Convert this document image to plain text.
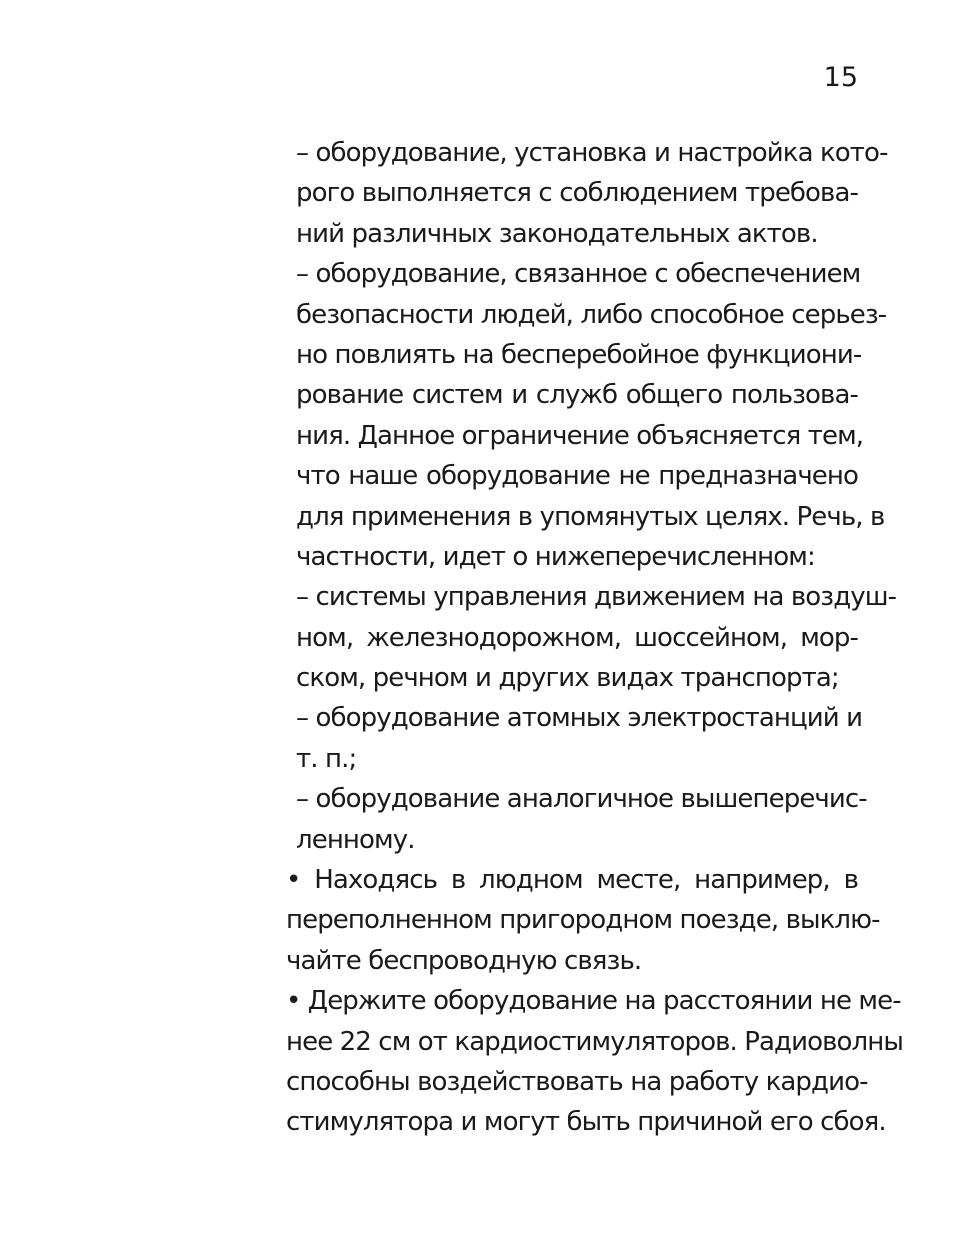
15
– оборудование, установка и настройка кото-
рого выполняется с соблюдением требова-
ний различных законодательных актов.
– оборудование, связанное с обеспечением
безопасности людей, либо способное серьез-
но повлиять на бесперебойное функциони-
рование систем и служб общего пользова-
ния. Данное ограничение объясняется тем,
что наше оборудование не предназначено
для применения в упомянутых целях. Речь, в
частности, идет о нижеперечисленном:
– системы управления движением на воздуш-
ном, железнодорожном, шоссейном, мор-
ском, речном и других видах транспорта;
– оборудование атомных электростанций и
т. п.;
– оборудование аналогичное вышеперечис-
ленному.
• Находясь в людном месте, например, в
переполненном пригородном поезде, выклю-
чайте беспроводную связь.
• Держите оборудование на расстоянии не ме-
нее 22 см от кардиостимуляторов. Радиоволны
способны воздействовать на работу кардио-
стимулятора и могут быть причиной его сбоя.
